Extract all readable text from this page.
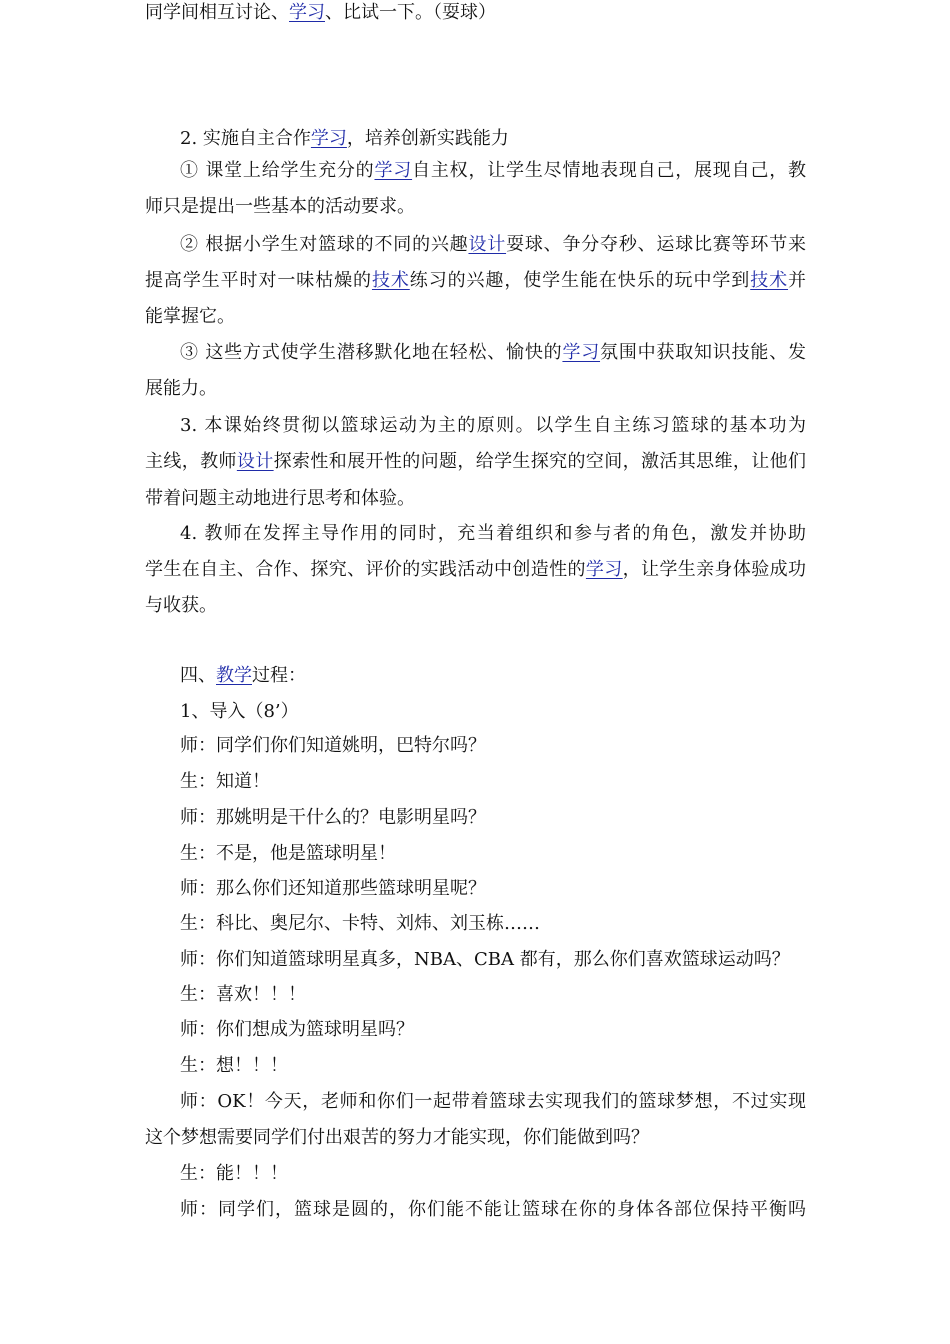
2. 实施自主合作学习，培养创新实践能力
① 课堂上给学生充分的学习自主权，让学生尽情地表现自己，展现自己，教
师只是提出一些基本的活动要求。
② 根据小学生对篮球的不同的兴趣设计耍球、争分夺秒、运球比赛等环节来
提高学生平时对一味枯燥的技术练习的兴趣，使学生能在快乐的玩中学到技术并
能掌握它。
③ 这些方式使学生潜移默化地在轻松、愉快的学习氛围中获取知识技能、发
展能力。
3. 本课始终贯彻以篮球运动为主的原则。以学生自主练习篮球的基本功为
主线，教师设计探索性和展开性的问题，给学生探究的空间，激活其思维，让他们
带着问题主动地进行思考和体验。
4. 教师在发挥主导作用的同时，充当着组织和参与者的角色，激发并协助
学生在自主、合作、探究、评价的实践活动中创造性的学习，让学生亲身体验成功
与收获。
四、教学过程：
1、导入（8’）
师：同学们你们知道姚明，巴特尔吗？
生：知道！
师：那姚明是干什么的？电影明星吗？
生：不是，他是篮球明星！
师：那么你们还知道那些篮球明星呢？
生：科比、奥尼尔、卡特、刘炜、刘玉栋……
师：你们知道篮球明星真多，NBA、CBA 都有，那么你们喜欢篮球运动吗？
生：喜欢！！！
师：你们想成为篮球明星吗？
生：想！！！
师：OK！今天，老师和你们一起带着篮球去实现我们的篮球梦想，不过实现
这个梦想需要同学们付出艰苦的努力才能实现，你们能做到吗？
生：能！！！
师：同学们，篮球是圆的，你们能不能让篮球在你的身体各部位保持平衡吗
同学间相互讨论、学习、比试一下。（耍球）
